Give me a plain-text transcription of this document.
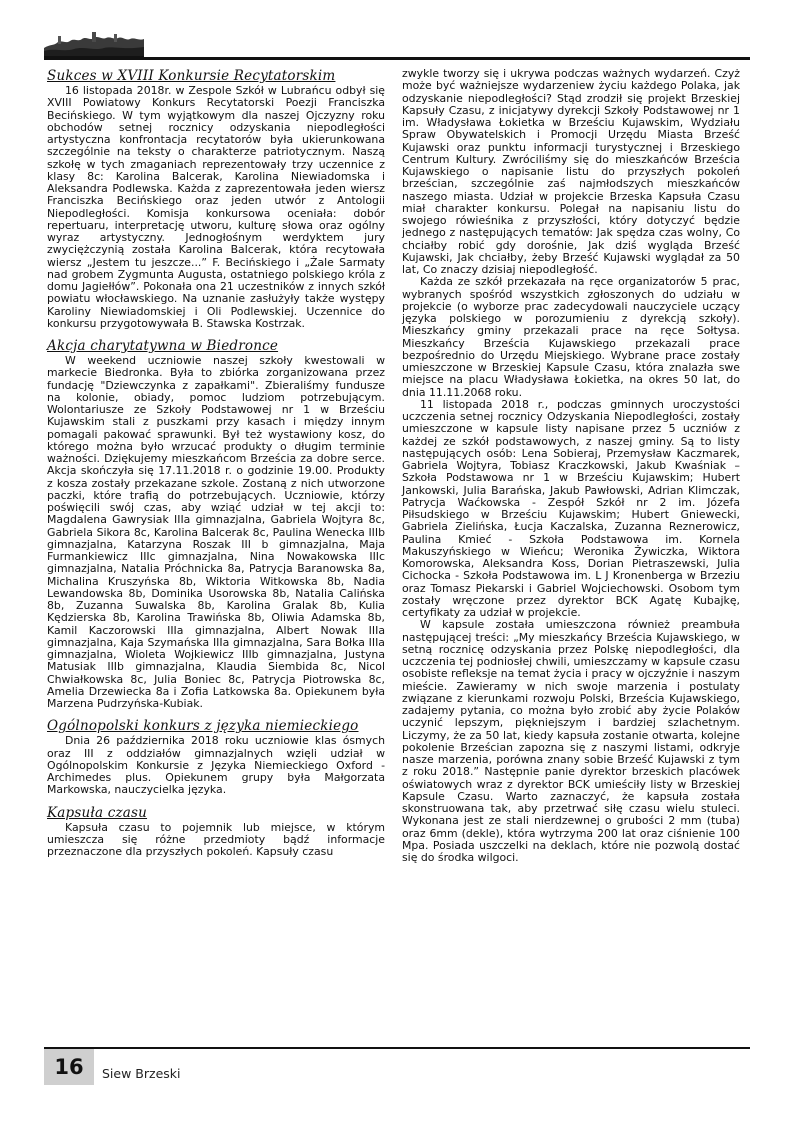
Sukces w XVIII Konkursie Recytatorskim

16 listopada 2018r. w Zespole Szkół w Lubrańcu odbył się XVIII Powiatowy Konkurs Recytatorski Poezji Franciszka Becińskiego. W tym wyjątkowym dla naszej Ojczyzny roku obchodów setnej rocznicy odzyskania niepodległości artystyczna konfrontacja recytatorów była ukierunkowana szczególnie na teksty o charakterze patriotycznym. Naszą szkołę w tych zmaganiach reprezentowały trzy uczennice z klasy 8c: Karolina Balcerak, Karolina Niewiadomska i Aleksandra Podlewska. Każda z zaprezentowała jeden wiersz Franciszka Becińskiego oraz jeden utwór z Antologii Niepodległości. Komisja konkursowa oceniała: dobór repertuaru, interpretację utworu, kulturę słowa oraz ogólny wyraz artystyczny. Jednogłośnym werdyktem jury zwyciężczynią została Karolina Balcerak, która recytowała wiersz „Jestem tu jeszcze...” F. Becińskiego i „Żale Sarmaty nad grobem Zygmunta Augusta, ostatniego polskiego króla z domu Jagiełłów”. Pokonała ona 21 uczestników z innych szkół powiatu włocławskiego. Na uznanie zasłużyły także występy Karoliny Niewiadomskiej i Oli Podlewskiej. Uczennice do konkursu przygotowywała B. Stawska Kostrzak.

Akcja charytatywna w Biedronce

W weekend uczniowie naszej szkoły kwestowali w markecie Biedronka. Była to zbiórka zorganizowana przez fundację "Dziewczynka z zapałkami". Zbieraliśmy fundusze na kolonie, obiady, pomoc ludziom potrzebującym. Wolontariusze ze Szkoły Podstawowej nr 1 w Brześciu Kujawskim stali z puszkami przy kasach i między innym pomagali pakować sprawunki. Był też wystawiony kosz, do którego można było wrzucać produkty o długim terminie ważności. Dziękujemy mieszkańcom Brześcia za dobre serce. Akcja skończyła się 17.11.2018 r. o godzinie 19.00. Produkty z kosza zostały przekazane szkole. Zostaną z nich utworzone paczki, które trafią do potrzebujących. Uczniowie, którzy poświęcili swój czas, aby wziąć udział w tej akcji to: Magdalena Gawrysiak IIIa gimnazjalna, Gabriela Wojtyra 8c, Gabriela Sikora 8c, Karolina Balcerak 8c, Paulina Wenecka IIIb gimnazjalna, Katarzyna Roszak III b gimnazjalna, Maja Furmankiewicz IIIc gimnazjalna, Nina Nowakowska IIIc gimnazjalna, Natalia Próchnicka 8a, Patrycja Baranowska 8a, Michalina Kruszyńska 8b, Wiktoria Witkowska 8b, Nadia Lewandowska 8b, Dominika Usorowska 8b, Natalia Calińska 8b, Zuzanna Suwalska 8b, Karolina Gralak 8b, Kulia Kędzierska 8b, Karolina Trawińska 8b, Oliwia Adamska 8b, Kamil Kaczorowski IIIa gimnazjalna, Albert Nowak IIIa gimnazjalna, Kaja Szymańska IIIa gimnazjalna, Sara Bołka IIIa gimnazjalna, Wioleta Wojkiewicz IIIb gimnazjalna, Justyna Matusiak IIIb gimnazjalna, Klaudia Siembida 8c, Nicol Chwiałkowska 8c, Julia Boniec 8c, Patrycja Piotrowska 8c, Amelia Drzewiecka 8a i Zofia Latkowska 8a. Opiekunem była Marzena Pudrzyńska-Kubiak.

Ogólnopolski konkurs z języka niemieckiego

Dnia 26 października 2018 roku uczniowie klas ósmych oraz III z oddziałów gimnazjalnych wzięli udział w Ogólnopolskim Konkursie z Języka Niemieckiego Oxford - Archimedes plus. Opiekunem grupy była Małgorzata Markowska, nauczycielka języka.

Kapsuła czasu

Kapsuła czasu to pojemnik lub miejsce, w którym umieszcza się różne przedmioty bądź informacje przeznaczone dla przyszłych pokoleń. Kapsuły czasu

zwykle tworzy się i ukrywa podczas ważnych wydarzeń. Czyż może być ważniejsze wydarzeniew życiu każdego Polaka, jak odzyskanie niepodległości? Stąd zrodził się projekt Brzeskiej Kapsuły Czasu, z inicjatywy dyrekcji Szkoły Podstawowej nr 1 im. Władysława Łokietka w Brześciu Kujawskim, Wydziału Spraw Obywatelskich i Promocji Urzędu Miasta Brześć Kujawski oraz punktu informacji turystycznej i Brzeskiego Centrum Kultury. Zwróciliśmy się do mieszkańców Brześcia Kujawskiego o napisanie listu do przyszłych pokoleń brześcian, szczególnie zaś najmłodszych mieszkańców naszego miasta. Udział w projekcie Brzeska Kapsuła Czasu miał charakter konkursu. Polegał na napisaniu listu do swojego rówieśnika z przyszłości, który dotyczyć będzie jednego z następujących tematów: Jak spędza czas wolny, Co chciałby robić gdy dorośnie, Jak dziś wygląda Brześć Kujawski, Jak chciałby, żeby Brześć Kujawski wyglądał za 50 lat, Co znaczy dzisiaj niepodległość.

Każda ze szkół przekazała na ręce organizatorów 5 prac, wybranych spośród wszystkich zgłoszonych do udziału w projekcie (o wyborze prac zadecydowali nauczyciele uczący języka polskiego w porozumieniu z dyrekcją szkoły). Mieszkańcy gminy przekazali prace na ręce Sołtysa. Mieszkańcy Brześcia Kujawskiego przekazali prace bezpośrednio do Urzędu Miejskiego. Wybrane prace zostały umieszczone w Brzeskiej Kapsule Czasu, która znalazła swe miejsce na placu Władysława Łokietka, na okres 50 lat, do dnia 11.11.2068 roku.

11 listopada 2018 r., podczas gminnych uroczystości uczczenia setnej rocznicy Odzyskania Niepodległości, zostały umieszczone w kapsule listy napisane przez 5 uczniów z każdej ze szkół podstawowych, z naszej gminy. Są to listy następujących osób: Lena Sobieraj, Przemysław Kaczmarek, Gabriela Wojtyra, Tobiasz Kraczkowski, Jakub Kwaśniak – Szkoła Podstawowa nr 1 w Brześciu Kujawskim; Hubert Jankowski, Julia Barańska, Jakub Pawłowski, Adrian Klimczak, Patrycja Waćkowska - Zespół Szkół nr 2 im. Józefa Piłsudskiego w Brześciu Kujawskim; Hubert Gniewecki, Gabriela Zielińska, Łucja Kaczalska, Zuzanna Reznerowicz, Paulina Kmieć - Szkoła Podstawowa im. Kornela Makuszyńskiego w Wieńcu; Weronika Żywiczka, Wiktora Komorowska, Aleksandra Koss, Dorian Pietraszewski, Julia Cichocka - Szkoła Podstawowa im. L J Kronenberga w Brzeziu oraz Tomasz Piekarski i Gabriel Wojciechowski. Osobom tym zostały wręczone przez dyrektor BCK Agatę Kubajkę, certyfikaty za udział w projekcie.

W kapsule została umieszczona również preambuła następującej treści: „My mieszkańcy Brześcia Kujawskiego, w setną rocznicę odzyskania przez Polskę niepodległości, dla uczczenia tej podniosłej chwili, umieszczamy w kapsule czasu osobiste refleksje na temat życia i pracy w ojczyźnie i naszym mieście. Zawieramy w nich swoje marzenia i postulaty związane z kierunkami rozwoju Polski, Brześcia Kujawskiego, zadajemy pytania, co można było zrobić aby życie Polaków uczynić lepszym, piękniejszym i bardziej szlachetnym. Liczymy, że za 50 lat, kiedy kapsuła zostanie otwarta, kolejne pokolenie Brześcian zapozna się z naszymi listami, odkryje nasze marzenia, porówna znany sobie Brześć Kujawski z tym z roku 2018.” Następnie panie dyrektor brzeskich placówek oświatowych wraz z dyrektor BCK umieściły listy w Brzeskiej Kapsule Czasu. Warto zaznaczyć, że kapsuła została skonstruowana tak, aby przetrwać siłę czasu wielu stuleci. Wykonana jest ze stali nierdzewnej o grubości 2 mm (tuba) oraz 6mm (dekle), która wytrzyma 200 lat oraz ciśnienie 100 Mpa. Posiada uszczelki na deklach, które nie pozwolą dostać się do środka wilgoci.

16	Siew Brzeski
